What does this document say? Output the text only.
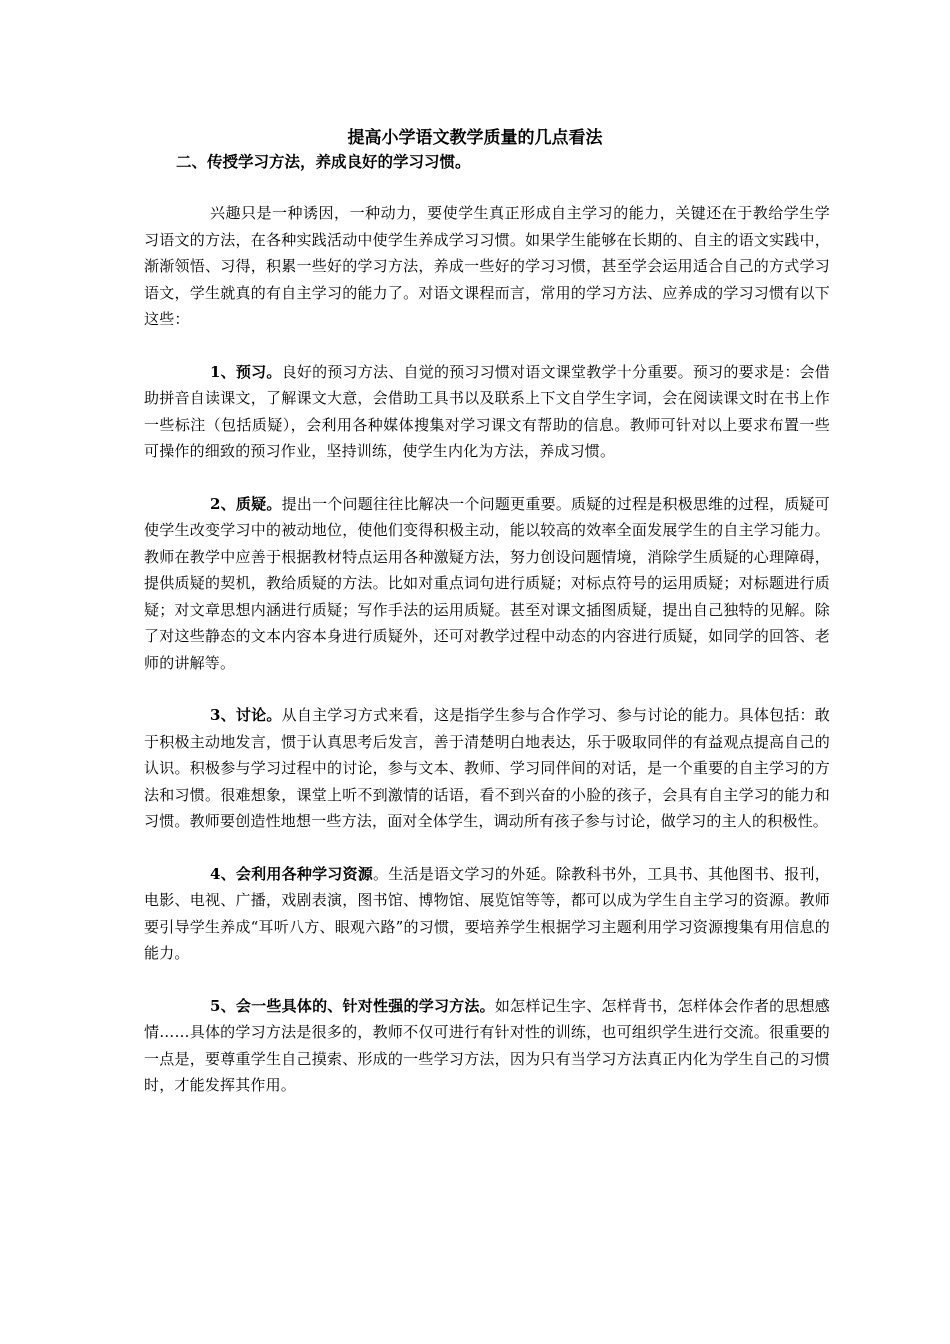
提高小学语文教学质量的几点看法
二、传授学习方法，养成良好的学习习惯。

兴趣只是一种诱因，一种动力，要使学生真正形成自主学习的能力，关键还在于教给学生学习语文的方法，在各种实践活动中使学生养成学习习惯。如果学生能够在长期的、自主的语文实践中，渐渐领悟、习得，积累一些好的学习方法，养成一些好的学习习惯，甚至学会运用适合自己的方式学习语文，学生就真的有自主学习的能力了。对语文课程而言，常用的学习方法、应养成的学习习惯有以下这些：

1、预习。良好的预习方法、自觉的预习习惯对语文课堂教学十分重要。预习的要求是：会借助拼音自读课文，了解课文大意，会借助工具书以及联系上下文自学生字词，会在阅读课文时在书上作一些标注（包括质疑），会利用各种媒体搜集对学习课文有帮助的信息。教师可针对以上要求布置一些可操作的细致的预习作业，坚持训练，使学生内化为方法，养成习惯。

2、质疑。提出一个问题往往比解决一个问题更重要。质疑的过程是积极思维的过程，质疑可使学生改变学习中的被动地位，使他们变得积极主动，能以较高的效率全面发展学生的自主学习能力。教师在教学中应善于根据教材特点运用各种激疑方法，努力创设问题情境，消除学生质疑的心理障碍，提供质疑的契机，教给质疑的方法。比如对重点词句进行质疑；对标点符号的运用质疑；对标题进行质疑；对文章思想内涵进行质疑；写作手法的运用质疑。甚至对课文插图质疑，提出自己独特的见解。除了对这些静态的文本内容本身进行质疑外，还可对教学过程中动态的内容进行质疑，如同学的回答、老师的讲解等。

3、讨论。从自主学习方式来看，这是指学生参与合作学习、参与讨论的能力。具体包括：敢于积极主动地发言，惯于认真思考后发言，善于清楚明白地表达，乐于吸取同伴的有益观点提高自己的认识。积极参与学习过程中的讨论，参与文本、教师、学习同伴间的对话，是一个重要的自主学习的方法和习惯。很难想象，课堂上听不到激情的话语，看不到兴奋的小脸的孩子，会具有自主学习的能力和习惯。教师要创造性地想一些方法，面对全体学生，调动所有孩子参与讨论，做学习的主人的积极性。

4、会利用各种学习资源。生活是语文学习的外延。除教科书外，工具书、其他图书、报刊，电影、电视、广播，戏剧表演，图书馆、博物馆、展览馆等等，都可以成为学生自主学习的资源。教师要引导学生养成“耳听八方、眼观六路”的习惯，要培养学生根据学习主题利用学习资源搜集有用信息的能力。

5、会一些具体的、针对性强的学习方法。如怎样记生字、怎样背书，怎样体会作者的思想感情……具体的学习方法是很多的，教师不仅可进行有针对性的训练，也可组织学生进行交流。很重要的一点是，要尊重学生自己摸索、形成的一些学习方法，因为只有当学习方法真正内化为学生自己的习惯时，才能发挥其作用。
